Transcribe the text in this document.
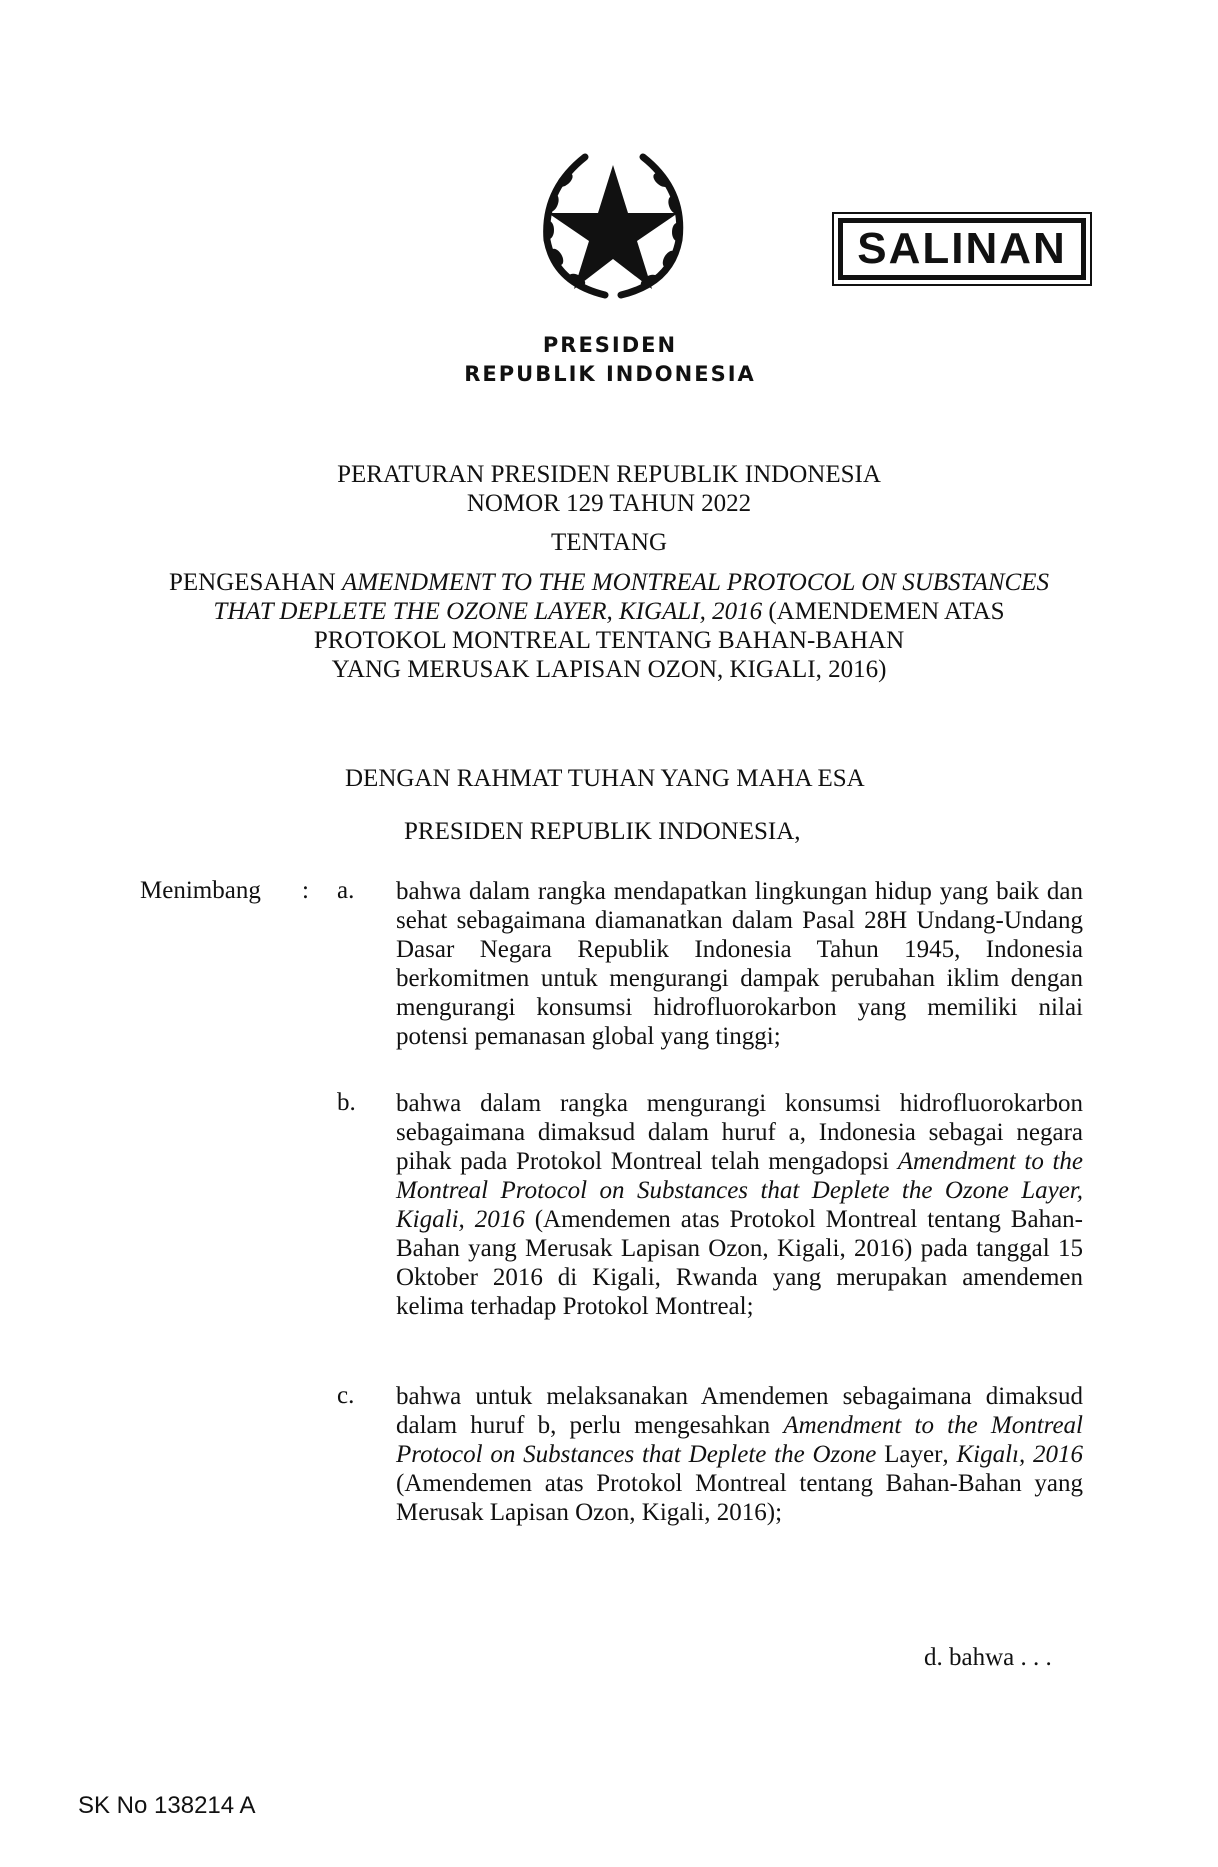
SALINAN
PRESIDEN
REPUBLIK INDONESIA
PERATURAN PRESIDEN REPUBLIK INDONESIA
NOMOR 129 TAHUN 2022
TENTANG
PENGESAHAN AMENDMENT TO THE MONTREAL PROTOCOL ON SUBSTANCES
THAT DEPLETE THE OZONE LAYER, KIGALI, 2016 (AMENDEMEN ATAS
PROTOKOL MONTREAL TENTANG BAHAN-BAHAN
YANG MERUSAK LAPISAN OZON, KIGALI, 2016)
DENGAN RAHMAT TUHAN YANG MAHA ESA
PRESIDEN REPUBLIK INDONESIA,
Menimbang : a. bahwa dalam rangka mendapatkan lingkungan hidup yang baik dan sehat sebagaimana diamanatkan dalam Pasal 28H Undang-Undang Dasar Negara Republik Indonesia Tahun 1945, Indonesia berkomitmen untuk mengurangi dampak perubahan iklim dengan mengurangi konsumsi hidrofluorokarbon yang memiliki nilai potensi pemanasan global yang tinggi;
b. bahwa dalam rangka mengurangi konsumsi hidrofluorokarbon sebagaimana dimaksud dalam huruf a, Indonesia sebagai negara pihak pada Protokol Montreal telah mengadopsi Amendment to the Montreal Protocol on Substances that Deplete the Ozone Layer, Kigali, 2016 (Amendemen atas Protokol Montreal tentang Bahan-Bahan yang Merusak Lapisan Ozon, Kigali, 2016) pada tanggal 15 Oktober 2016 di Kigali, Rwanda yang merupakan amendemen kelima terhadap Protokol Montreal;
c. bahwa untuk melaksanakan Amendemen sebagaimana dimaksud dalam huruf b, perlu mengesahkan Amendment to the Montreal Protocol on Substances that Deplete the Ozone Layer, Kigalı, 2016 (Amendemen atas Protokol Montreal tentang Bahan-Bahan yang Merusak Lapisan Ozon, Kigali, 2016);
d. bahwa . . .
SK No 138214 A
